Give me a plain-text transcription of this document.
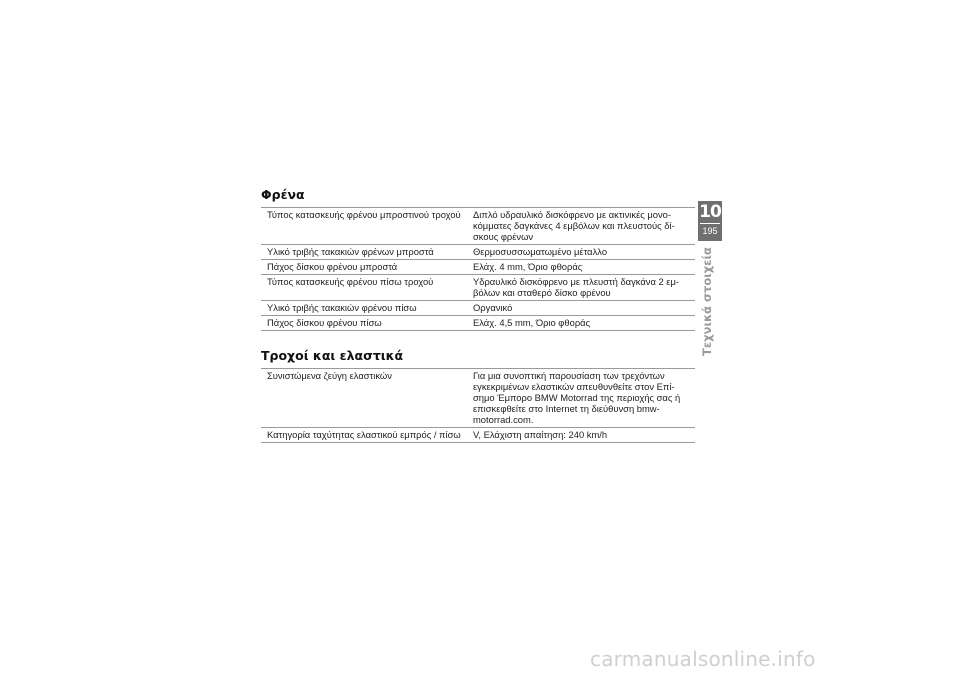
Φρένα
Τύπος κατασκευής φρένου μπροστινού τροχού	Διπλό υδραυλικό δισκόφρενο με ακτινικές μονοκόμματες δαγκάνες 4 εμβόλων και πλευστούς δίσκους φρένων
Υλικό τριβής τακακιών φρένων μπροστά	Θερμοσυσσωματωμένο μέταλλο
Πάχος δίσκου φρένου μπροστά	Ελάχ. 4 mm, Όριο φθοράς
Τύπος κατασκευής φρένου πίσω τροχού	Υδραυλικό δισκόφρενο με πλευστή δαγκάνα 2 εμβόλων και σταθερό δίσκο φρένου
Υλικό τριβής τακακιών φρένου πίσω	Οργανικό
Πάχος δίσκου φρένου πίσω	Ελάχ. 4,5 mm, Όριο φθοράς
Τροχοί και ελαστικά
Συνιστώμενα ζεύγη ελαστικών	Για μια συνοπτική παρουσίαση των τρεχόντων εγκεκριμένων ελαστικών απευθυνθείτε στον Επίσημο Έμπορο BMW Motorrad της περιοχής σας ή επισκεφθείτε στο Internet τη διεύθυνση bmw-motorrad.com.
Κατηγορία ταχύτητας ελαστικού εμπρός / πίσω	V, Ελάχιστη απαίτηση: 240 km/h
10
195
Τεχνικά στοιχεία
carmanualsonline.info
